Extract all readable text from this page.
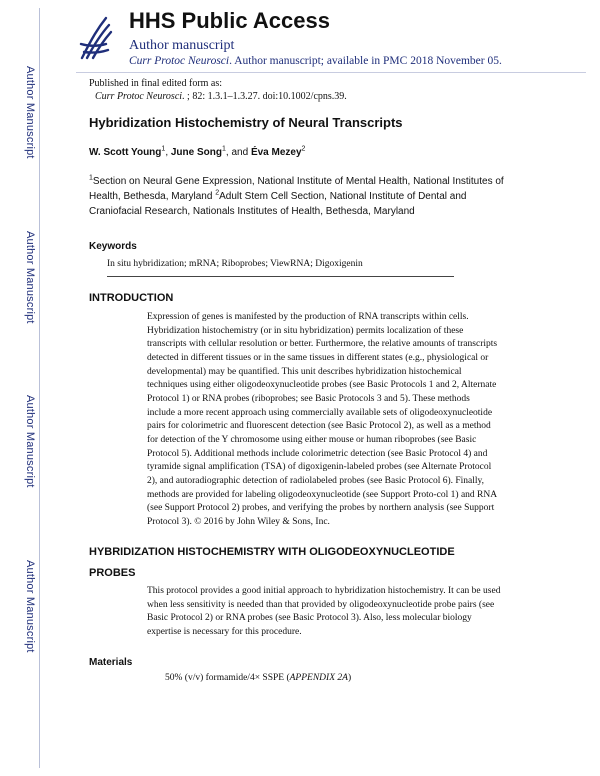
Author Manuscript
Author Manuscript
Author Manuscript
Author Manuscript
HHS Public Access
Author manuscript
Curr Protoc Neurosci. Author manuscript; available in PMC 2018 November 05.
Published in final edited form as:
Curr Protoc Neurosci. ; 82: 1.3.1–1.3.27. doi:10.1002/cpns.39.
Hybridization Histochemistry of Neural Transcripts
W. Scott Young$^1$, June Song$^1$, and Éva Mezey$^2$
$^1$Section on Neural Gene Expression, National Institute of Mental Health, National Institutes of
Health, Bethesda, Maryland $^2$Adult Stem Cell Section, National Institute of Dental and
Craniofacial Research, Nationals Institutes of Health, Bethesda, Maryland
Keywords
In situ hybridization; mRNA; Riboprobes; ViewRNA; Digoxigenin
INTRODUCTION
Expression of genes is manifested by the production of RNA transcripts within cells.
Hybridization histochemistry (or in situ hybridization) permits localization of these
transcripts with cellular resolution or better. Furthermore, the relative amounts of transcripts
detected in different tissues or in the same tissues in different states (e.g., physiological or
developmental) may be quantified. This unit describes hybridization histochemical
techniques using either oligodeoxynucleotide probes (see Basic Protocols 1 and 2, Alternate
Protocol 1) or RNA probes (riboprobes; see Basic Protocols 3 and 5). These methods
include a more recent approach using commercially available sets of oligodeoxynucleotide
pairs for colorimetric and fluorescent detection (see Basic Protocol 2), as well as a method
for detection of the Y chromosome using either mouse or human riboprobes (see Basic
Protocol 5). Additional methods include colorimetric detection (see Basic Protocol 4) and
tyramide signal amplification (TSA) of digoxigenin-labeled probes (see Alternate Protocol
2), and autoradiographic detection of radiolabeled probes (see Basic Protocol 6). Finally,
methods are provided for labeling oligodeoxynucleotide (see Support Proto-col 1) and RNA
(see Support Protocol 2) probes, and verifying the probes by northern analysis (see Support
Protocol 3). © 2016 by John Wiley & Sons, Inc.
HYBRIDIZATION HISTOCHEMISTRY WITH OLIGODEOXYNUCLEOTIDE
PROBES
This protocol provides a good initial approach to hybridization histochemistry. It can be used
when less sensitivity is needed than that provided by oligodeoxynucleotide probe pairs (see
Basic Protocol 2) or RNA probes (see Basic Protocol 3). Also, less molecular biology
expertise is necessary for this procedure.
Materials
50% (v/v) formamide/4× SSPE (APPENDIX 2A)
